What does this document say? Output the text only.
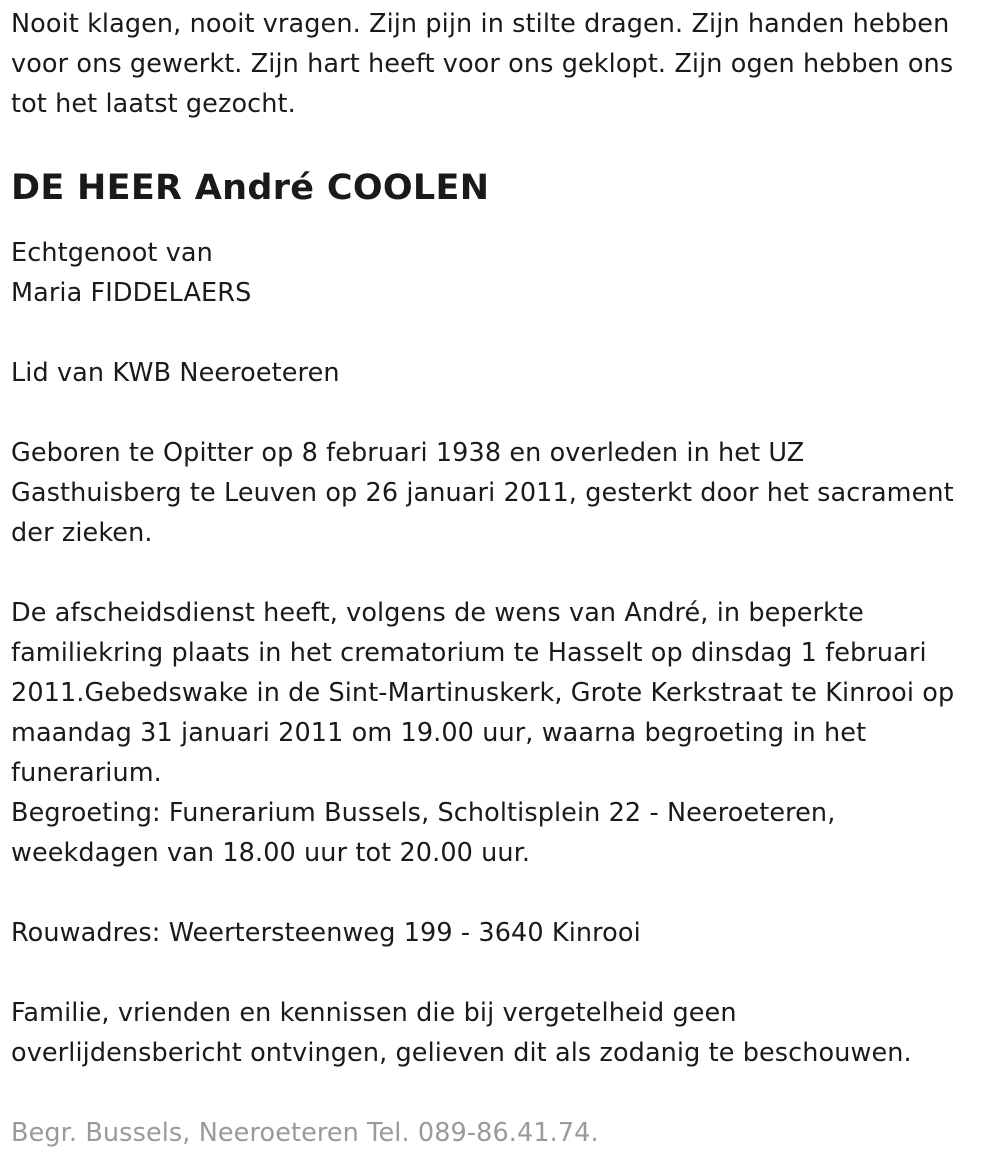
Nooit klagen, nooit vragen. Zijn pijn in stilte dragen. Zijn handen hebben

voor ons gewerkt. Zijn hart heeft voor ons geklopt. Zijn ogen hebben ons

tot het laatst gezocht.

DE HEER André COOLEN

Echtgenoot van

Maria FIDDELAERS

Lid van KWB Neeroeteren

Geboren te Opitter op 8 februari 1938 en overleden in het UZ

Gasthuisberg te Leuven op 26 januari 2011, gesterkt door het sacrament

der zieken.

De afscheidsdienst heeft, volgens de wens van André, in beperkte

familiekring plaats in het crematorium te Hasselt op dinsdag 1 februari

2011.Gebedswake in de Sint-Martinuskerk, Grote Kerkstraat te Kinrooi op

maandag 31 januari 2011 om 19.00 uur, waarna begroeting in het

funerarium.

Begroeting: Funerarium Bussels, Scholtisplein 22 - Neeroeteren,

weekdagen van 18.00 uur tot 20.00 uur.

Rouwadres: Weertersteenweg 199 - 3640 Kinrooi

Familie, vrienden en kennissen die bij vergetelheid geen

overlijdensbericht ontvingen, gelieven dit als zodanig te beschouwen.

Begr. Bussels, Neeroeteren Tel. 089-86.41.74.
